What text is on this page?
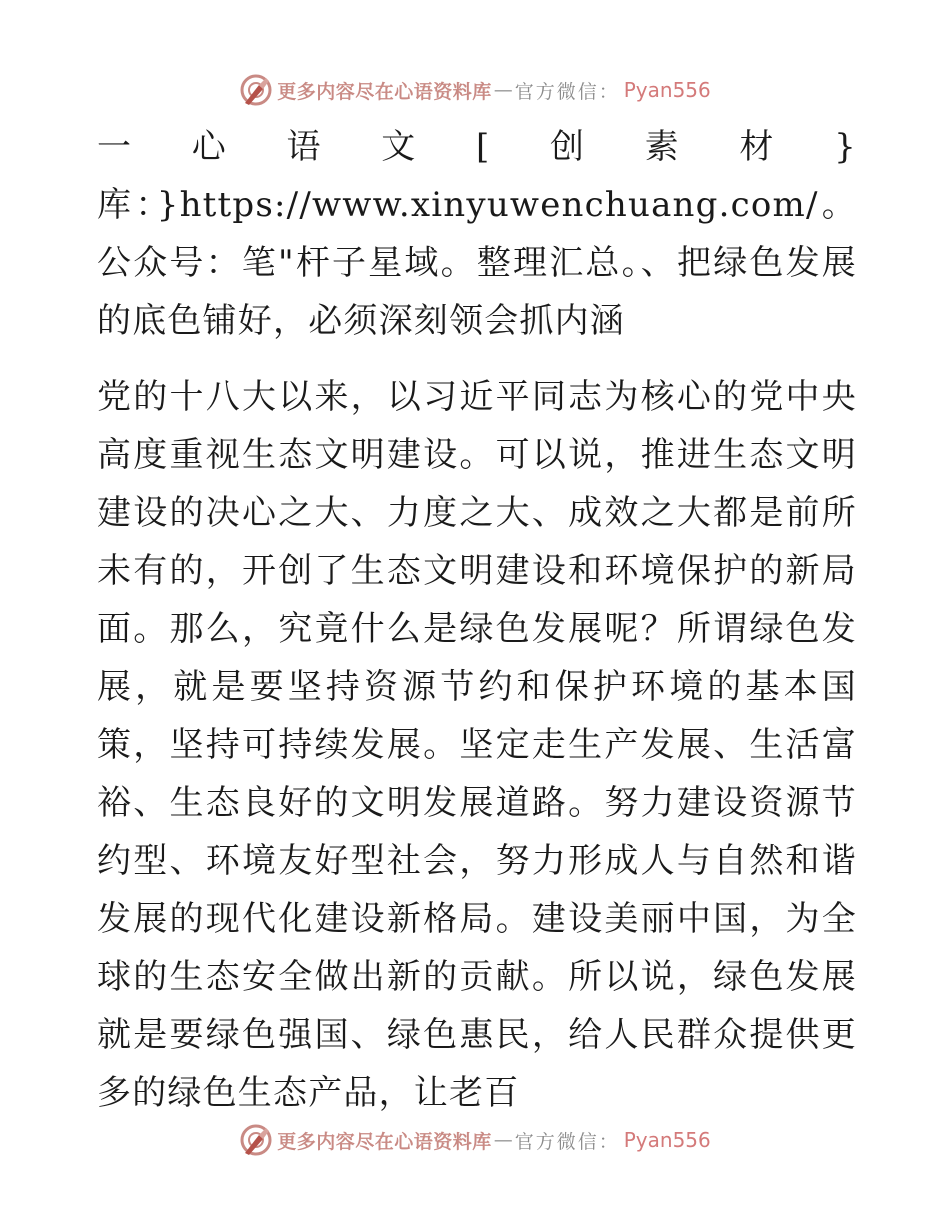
更多内容尽在心语资料库 — 官方微信： Pyan556

一心语文[创素材}库：}https://www.xinyuwenchuang.com/。公众号：笔"杆子星域。整理汇总。、把绿色发展的底色铺好，必须深刻领会抓内涵

党的十八大以来，以习近平同志为核心的党中央高度重视生态文明建设。可以说，推进生态文明建设的决心之大、力度之大、成效之大都是前所未有的，开创了生态文明建设和环境保护的新局面。那么，究竟什么是绿色发展呢？所谓绿色发展，就是要坚持资源节约和保护环境的基本国策，坚持可持续发展。坚定走生产发展、生活富裕、生态良好的文明发展道路。努力建设资源节约型、环境友好型社会，努力形成人与自然和谐发展的现代化建设新格局。建设美丽中国，为全球的生态安全做出新的贡献。所以说，绿色发展就是要绿色强国、绿色惠民，给人民群众提供更多的绿色生态产品，让老百

更多内容尽在心语资料库 — 官方微信： Pyan556
